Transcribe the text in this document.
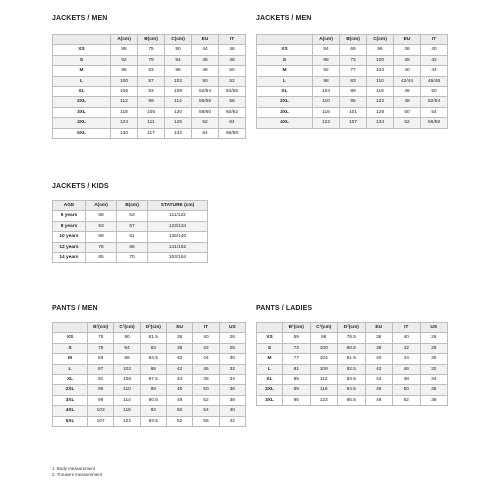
JACKETS / MEN
	A(cm)	B(cm)	C(cm)	EU	IT
XS	88	75	90	44	46
S	92	79	94	46	48
M	96	83	98	48	50
L	100	87	102	50	52
XL	106	93	108	52/54	54/56
2XL	112	99	114	56/58	58
3XL	118	105	120	58/60	60/62
4XL	124	111	126	62	64
5XL	130	117	132	64	66/68
JACKETS / MEN
	A(cm)	B(cm)	C(cm)	EU	IT
XS	84	69	96	36	40
S	88	73	100	38	42
M	92	77	104	40	44
L	98	83	110	42/44	46/48
XL	104	89	116	46	50
2XL	110	95	122	48	52/54
3XL	116	101	128	50	54
4XL	122	107	134	52	56/58
JACKETS / KIDS
AGE	A(cm)	B(cm)	STATURE (cm)
6 years	58	53	111/122
8 years	63	57	123/134
10 years	69	61	135/140
12 years	78	66	141/152
14 years	85	70	153/164
PANTS / MEN
	B¹(cm)	C²(cm)	D²(cm)	EU	IT	US
XS	75	90	81.5	36	40	26
S	79	94	83	38	42	28
M	83	98	84.5	40	44	30
L	87	102	86	42	46	32
XL	91	106	87.5	44	48	34
2XL	95	110	89	46	50	36
3XL	99	114	90.5	48	52	38
4XL	103	118	92	50	54	40
5XL	107	122	93.5	52	56	42
PANTS / LADIES
	B¹(cm)	C²(cm)	D²(cm)	EU	IT	US
XS	69	96	78.5	36	40	26
S	73	100	80.5	38	42	28
M	77	104	81.5	40	44	30
L	81	108	82.5	42	46	32
XL	85	112	83.5	44	48	34
2XL	89	116	84.5	46	50	36
3XL	95	122	85.5	48	52	38
1. Body measurement
2. Trousers measurement
